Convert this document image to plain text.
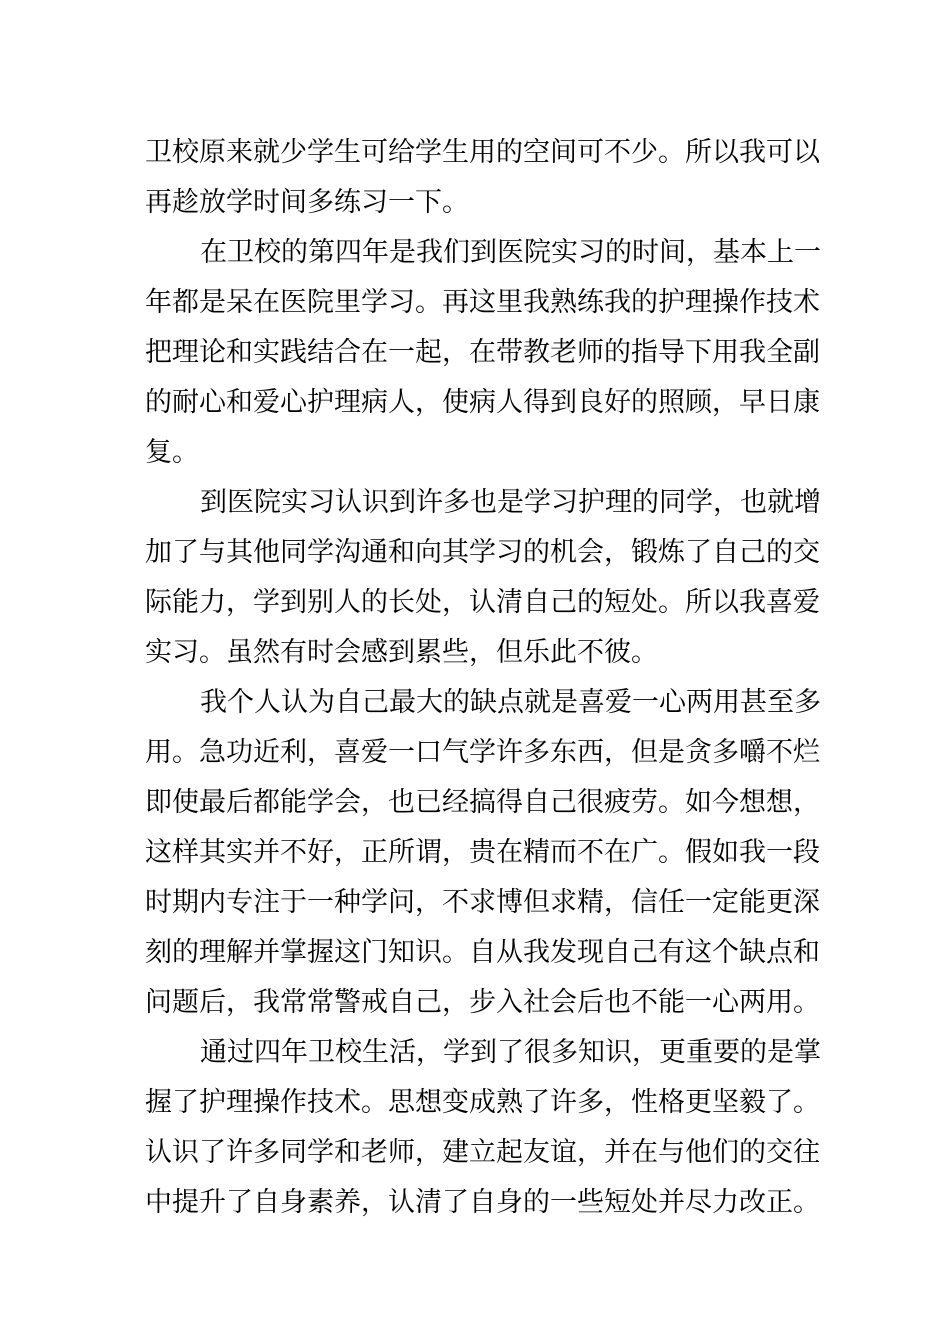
卫校原来就少学生可给学生用的空间可不少。所以我可以
再趁放学时间多练习一下。
在卫校的第四年是我们到医院实习的时间，基本上一
年都是呆在医院里学习。再这里我熟练我的护理操作技术
把理论和实践结合在一起，在带教老师的指导下用我全副
的耐心和爱心护理病人，使病人得到良好的照顾，早日康
复。
到医院实习认识到许多也是学习护理的同学，也就增
加了与其他同学沟通和向其学习的机会，锻炼了自己的交
际能力，学到别人的长处，认清自己的短处。所以我喜爱
实习。虽然有时会感到累些，但乐此不彼。
我个人认为自己最大的缺点就是喜爱一心两用甚至多
用。急功近利，喜爱一口气学许多东西，但是贪多嚼不烂
即使最后都能学会，也已经搞得自己很疲劳。如今想想，
这样其实并不好，正所谓，贵在精而不在广。假如我一段
时期内专注于一种学问，不求博但求精，信任一定能更深
刻的理解并掌握这门知识。自从我发现自己有这个缺点和
问题后，我常常警戒自己，步入社会后也不能一心两用。
通过四年卫校生活，学到了很多知识，更重要的是掌
握了护理操作技术。思想变成熟了许多，性格更坚毅了。
认识了许多同学和老师，建立起友谊，并在与他们的交往
中提升了自身素养，认清了自身的一些短处并尽力改正。
